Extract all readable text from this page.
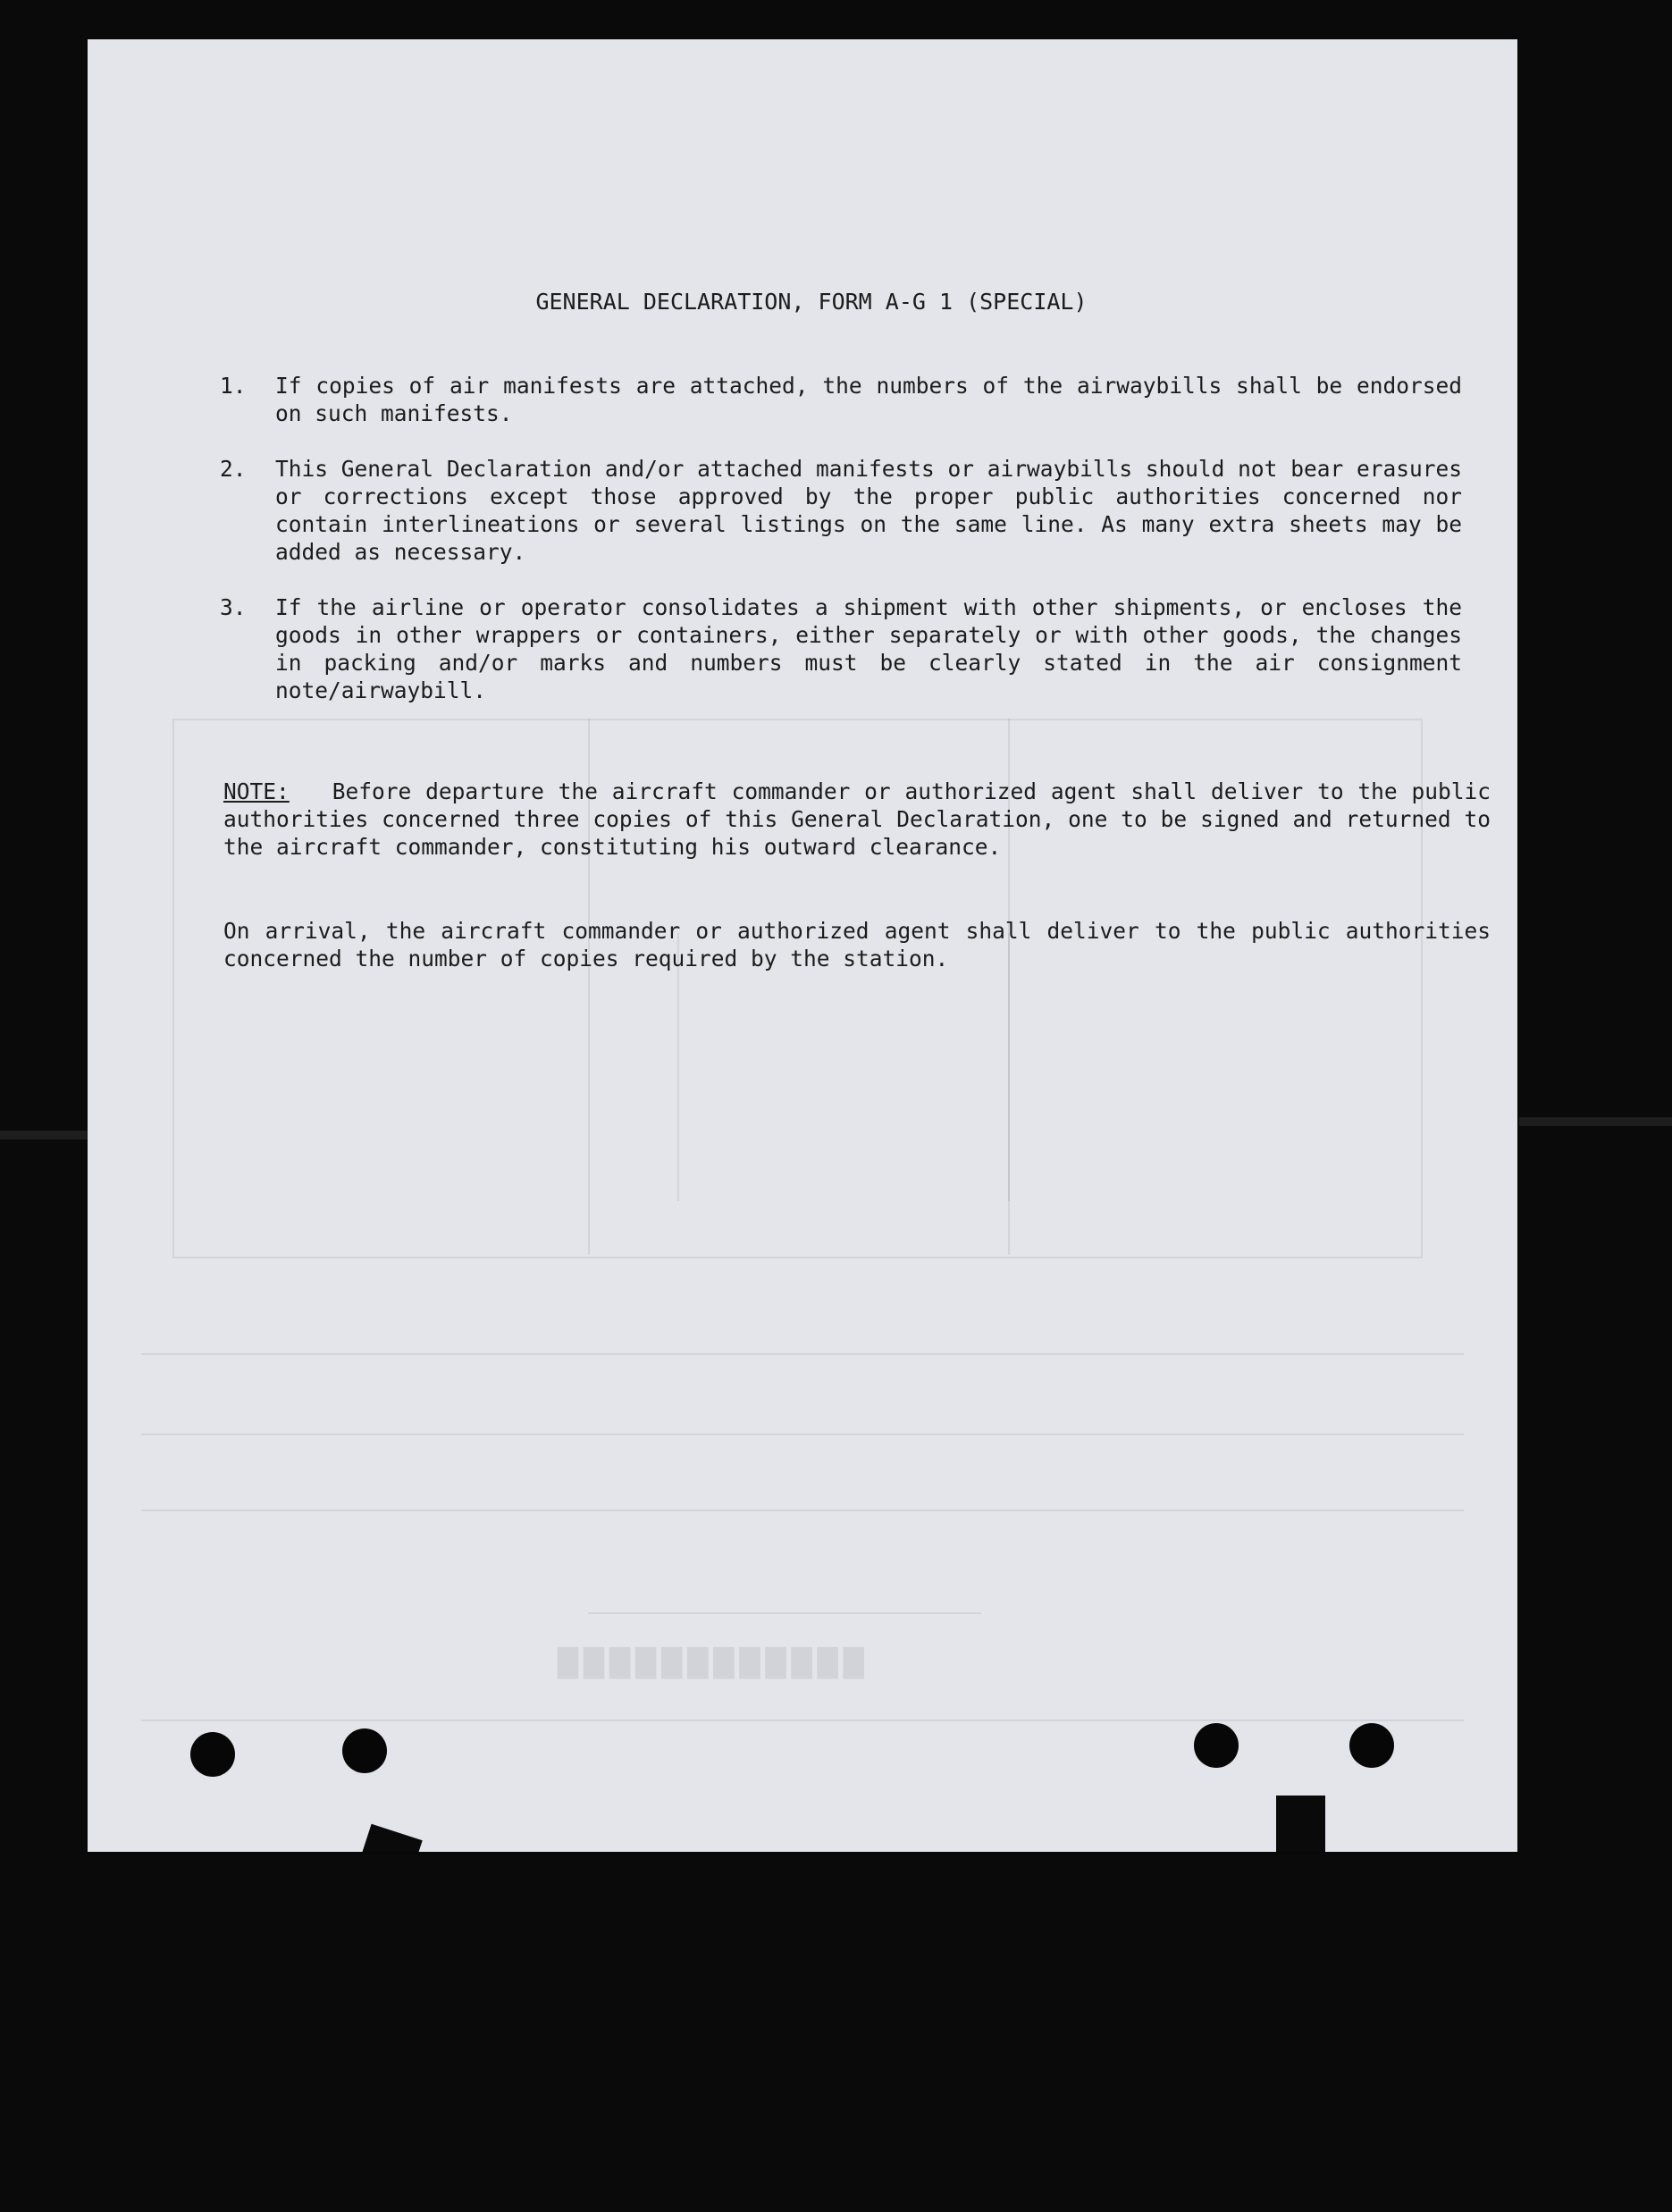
████████████
GENERAL DECLARATION, FORM A-G 1 (SPECIAL)
1.	If copies of air manifests are attached, the numbers of the airwaybills shall be endorsed on such manifests.
2.	This General Declaration and/or attached manifests or airwaybills should not bear erasures or corrections except those approved by the proper public authorities concerned nor contain interlineations or several listings on the same line. As many extra sheets may be added as necessary.
3.	If the airline or operator consolidates a shipment with other shipments, or encloses the goods in other wrappers or containers, either separately or with other goods, the changes in packing and/or marks and numbers must be clearly stated in the air consignment note/airwaybill.

NOTE: Before departure the aircraft commander or authorized agent shall deliver to the public authorities concerned three copies of this General Declaration, one to be signed and returned to the aircraft commander, constituting his outward clearance.

On arrival, the aircraft commander or authorized agent shall deliver to the public authorities concerned the number of copies required by the station.
